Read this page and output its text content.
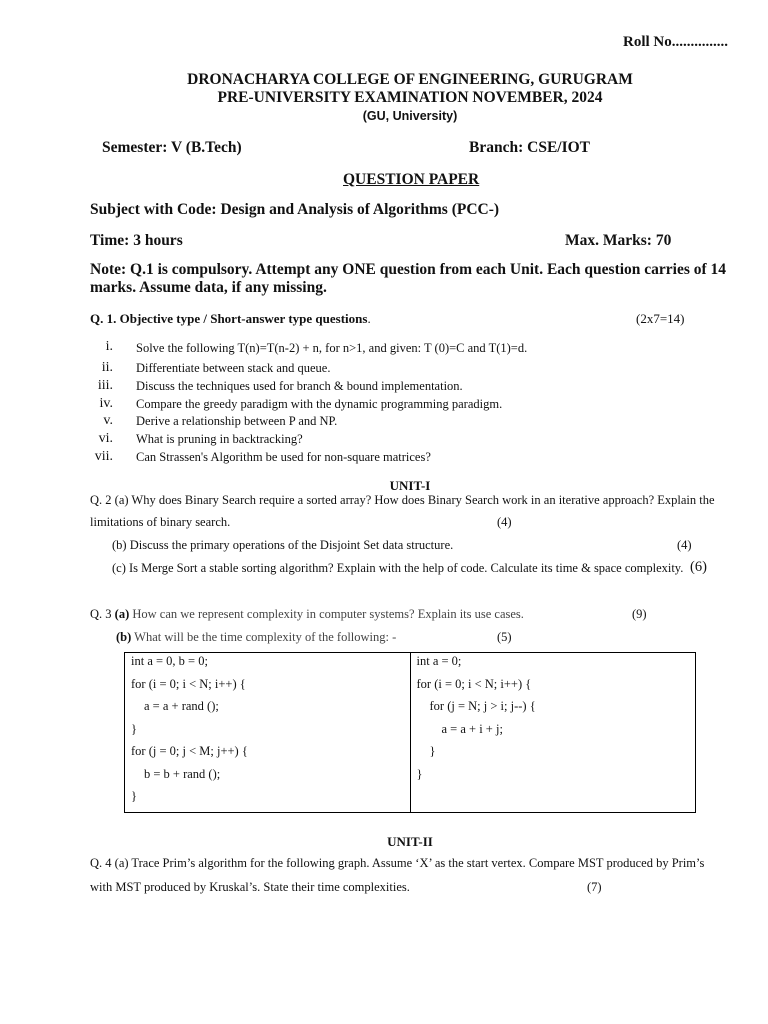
Roll No...............
DRONACHARYA COLLEGE OF ENGINEERING, GURUGRAM
PRE-UNIVERSITY EXAMINATION NOVEMBER, 2024
(GU, University)
Semester: V (B.Tech)	Branch: CSE/IOT
QUESTION PAPER
Subject with Code: Design and Analysis of Algorithms (PCC-)
Time: 3 hours	Max. Marks: 70
Note: Q.1 is compulsory. Attempt any ONE question from each Unit. Each question carries of 14 marks. Assume data, if any missing.
Q. 1. Objective type / Short-answer type questions.	(2x7=14)
i. Solve the following T(n)=T(n-2) + n, for n>1, and given: T (0)=C and T(1)=d.
ii. Differentiate between stack and queue.
iii. Discuss the techniques used for branch & bound implementation.
iv. Compare the greedy paradigm with the dynamic programming paradigm.
v. Derive a relationship between P and NP.
vi. What is pruning in backtracking?
vii. Can Strassen's Algorithm be used for non-square matrices?
UNIT-I
Q. 2 (a) Why does Binary Search require a sorted array? How does Binary Search work in an iterative approach? Explain the
limitations of binary search.	(4)
(b) Discuss the primary operations of the Disjoint Set data structure.	(4)
(c) Is Merge Sort a stable sorting algorithm? Explain with the help of code. Calculate its time & space complexity. (6)
Q. 3 (a) How can we represent complexity in computer systems? Explain its use cases.	(9)
(b) What will be the time complexity of the following: -	(5)
int a = 0, b = 0;
for (i = 0; i < N; i++) {
a = a + rand ();
}
for (j = 0; j < M; j++) {
b = b + rand ();
}

int a = 0;
for (i = 0; i < N; i++) {
for (j = N; j > i; j--) {
a = a + i + j;
}
}
UNIT-II
Q. 4 (a) Trace Prim’s algorithm for the following graph. Assume ‘X’ as the start vertex. Compare MST produced by Prim’s
with MST produced by Kruskal’s. State their time complexities.	(7)
